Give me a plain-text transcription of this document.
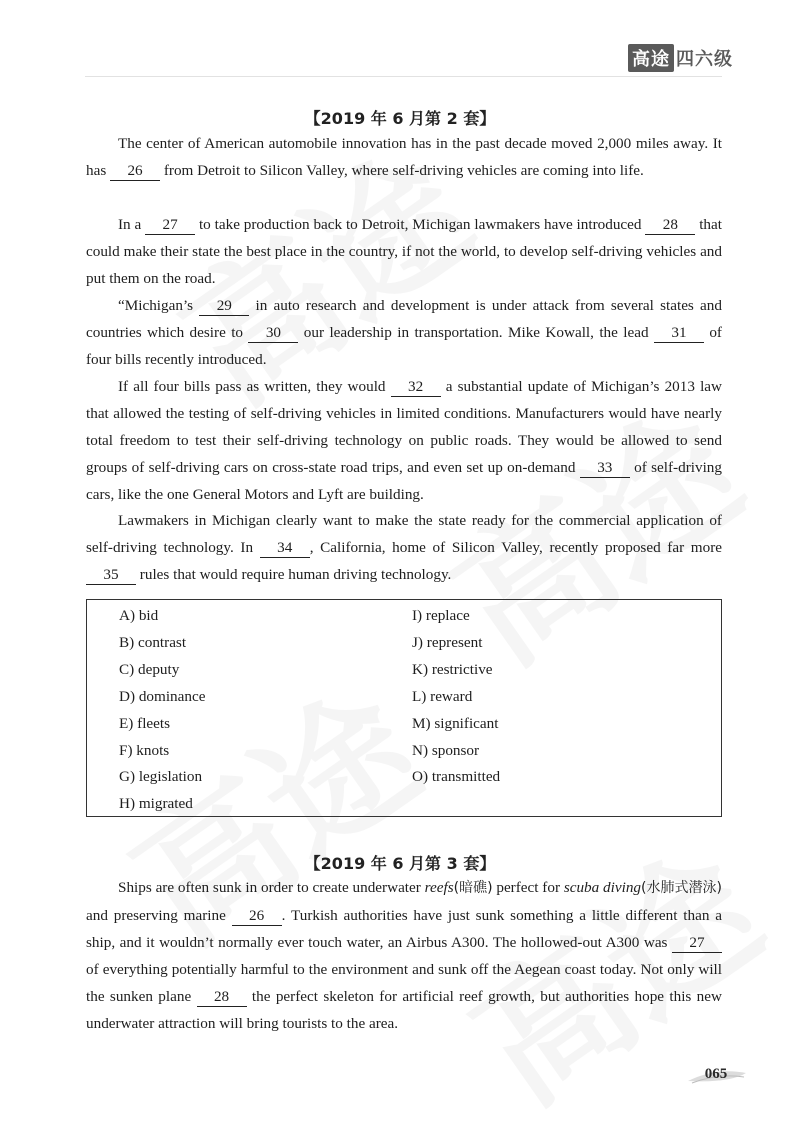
高途 四六级
【2019 年 6 月第 2 套】

The center of American automobile innovation has in the past decade moved 2,000 miles away. It has 26 from Detroit to Silicon Valley, where self-driving vehicles are coming into life.

In a 27 to take production back to Detroit, Michigan lawmakers have introduced 28 that could make their state the best place in the country, if not the world, to develop self-driving vehicles and put them on the road.

“Michigan’s 29 in auto research and development is under attack from several states and countries which desire to 30 our leadership in transportation. Mike Kowall, the lead 31 of four bills recently introduced.

If all four bills pass as written, they would 32 a substantial update of Michigan’s 2013 law that allowed the testing of self-driving vehicles in limited conditions. Manufacturers would have nearly total freedom to test their self-driving technology on public roads. They would be allowed to send groups of self-driving cars on cross-state road trips, and even set up on-demand 33 of self-driving cars, like the one General Motors and Lyft are building.

Lawmakers in Michigan clearly want to make the state ready for the commercial application of self-driving technology. In 34 , California, home of Silicon Valley, recently proposed far more 35 rules that would require human driving technology.

A) bid
B) contrast
C) deputy
D) dominance
E) fleets
F) knots
G) legislation
H) migrated
I) replace
J) represent
K) restrictive
L) reward
M) significant
N) sponsor
O) transmitted
【2019 年 6 月第 3 套】

Ships are often sunk in order to create underwater reefs(暗礁) perfect for scuba diving(水肺式潜泳) and preserving marine 26 . Turkish authorities have just sunk something a little different than a ship, and it wouldn’t normally ever touch water, an Airbus A300. The hollowed-out A300 was 27 of everything potentially harmful to the environment and sunk off the Aegean coast today. Not only will the sunken plane 28 the perfect skeleton for artificial reef growth, but authorities hope this new underwater attraction will bring tourists to the area.

065
